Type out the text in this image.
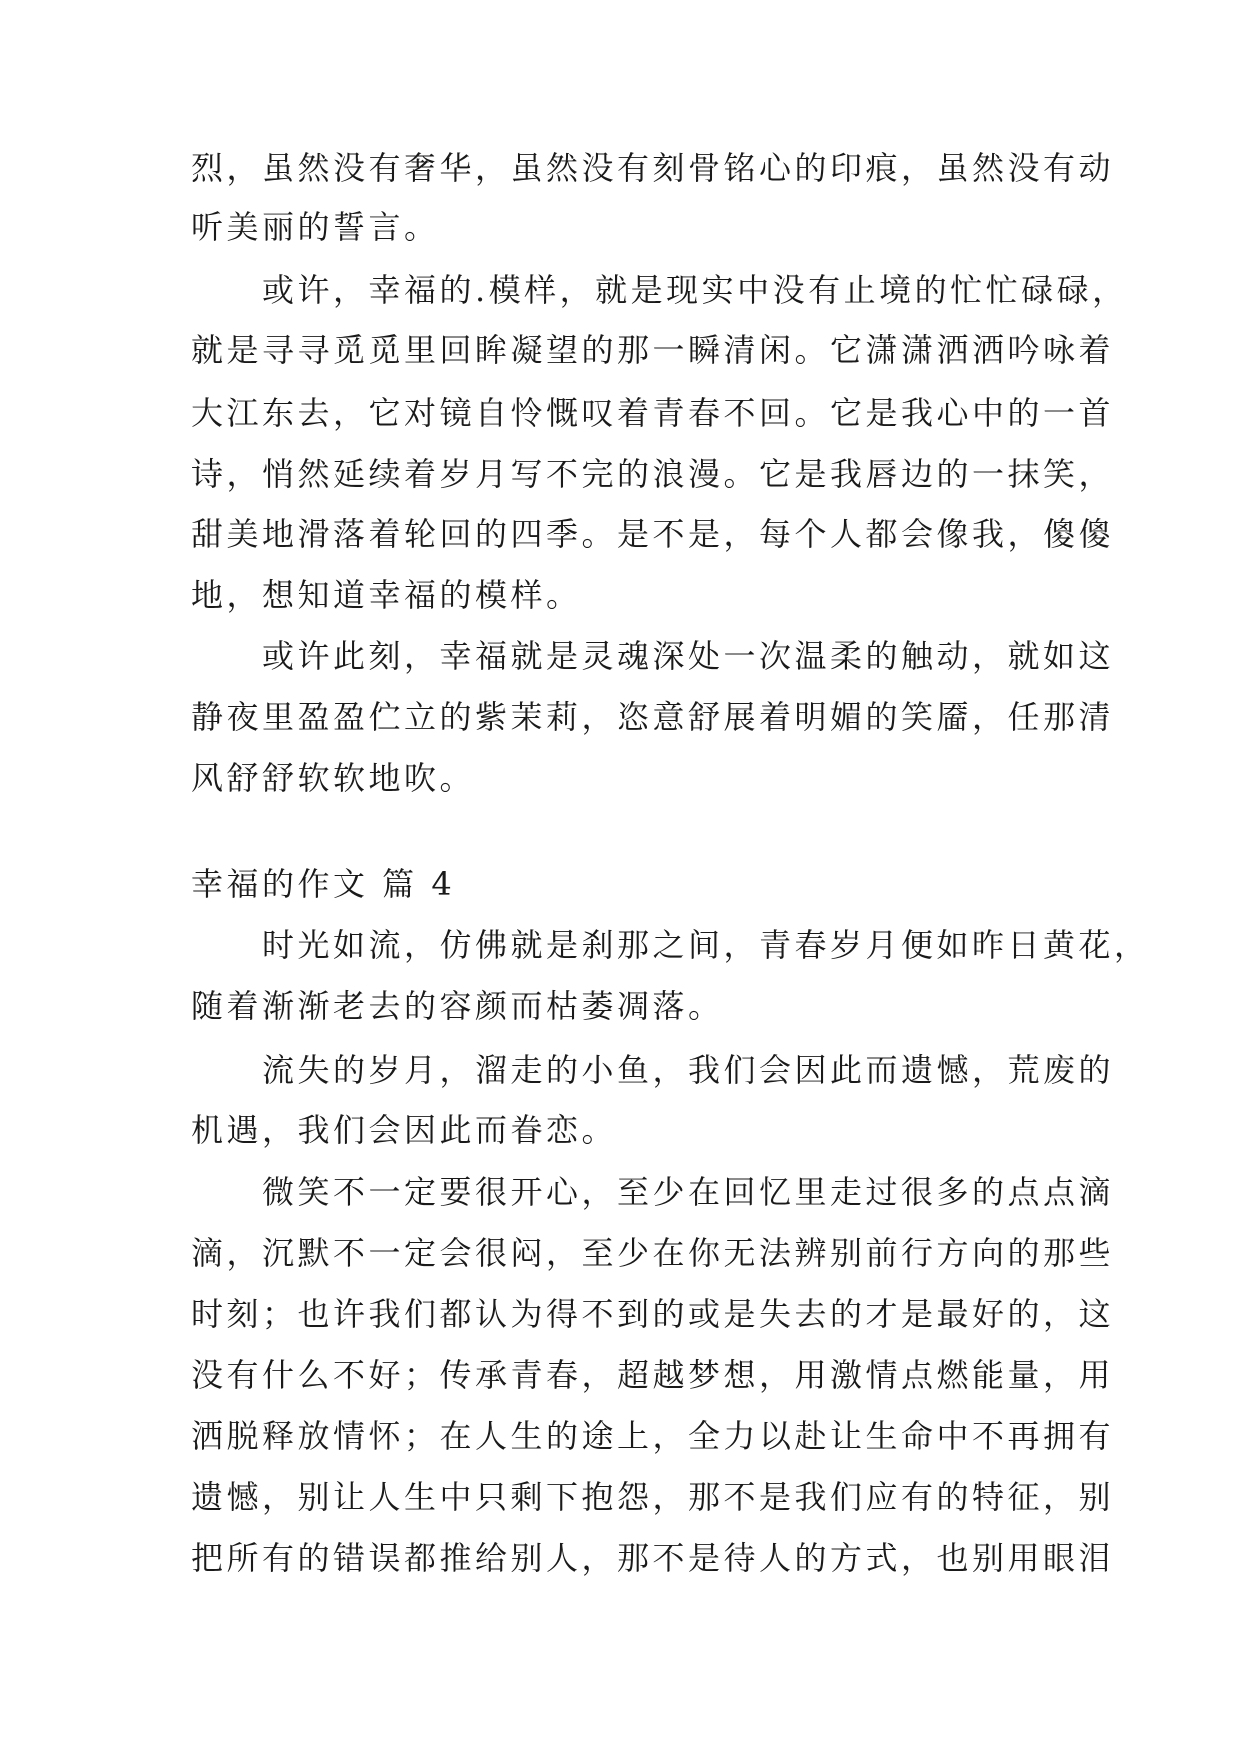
烈，虽然没有奢华，虽然没有刻骨铭心的印痕，虽然没有动
听美丽的誓言。
　　或许，幸福的.模样，就是现实中没有止境的忙忙碌碌，
就是寻寻觅觅里回眸凝望的那一瞬清闲。它潇潇洒洒吟咏着
大江东去，它对镜自怜慨叹着青春不回。它是我心中的一首
诗，悄然延续着岁月写不完的浪漫。它是我唇边的一抹笑，
甜美地滑落着轮回的四季。是不是，每个人都会像我，傻傻
地，想知道幸福的模样。
　　或许此刻，幸福就是灵魂深处一次温柔的触动，就如这
静夜里盈盈伫立的紫茉莉，恣意舒展着明媚的笑靥，任那清
风舒舒软软地吹。
幸福的作文 篇 4
　　时光如流，仿佛就是刹那之间，青春岁月便如昨日黄花，
随着渐渐老去的容颜而枯萎凋落。
　　流失的岁月，溜走的小鱼，我们会因此而遗憾，荒废的
机遇，我们会因此而眷恋。
　　微笑不一定要很开心，至少在回忆里走过很多的点点滴
滴，沉默不一定会很闷，至少在你无法辨别前行方向的那些
时刻；也许我们都认为得不到的或是失去的才是最好的，这
没有什么不好；传承青春，超越梦想，用激情点燃能量，用
洒脱释放情怀；在人生的途上，全力以赴让生命中不再拥有
遗憾，别让人生中只剩下抱怨，那不是我们应有的特征，别
把所有的错误都推给别人，那不是待人的方式，也别用眼泪
